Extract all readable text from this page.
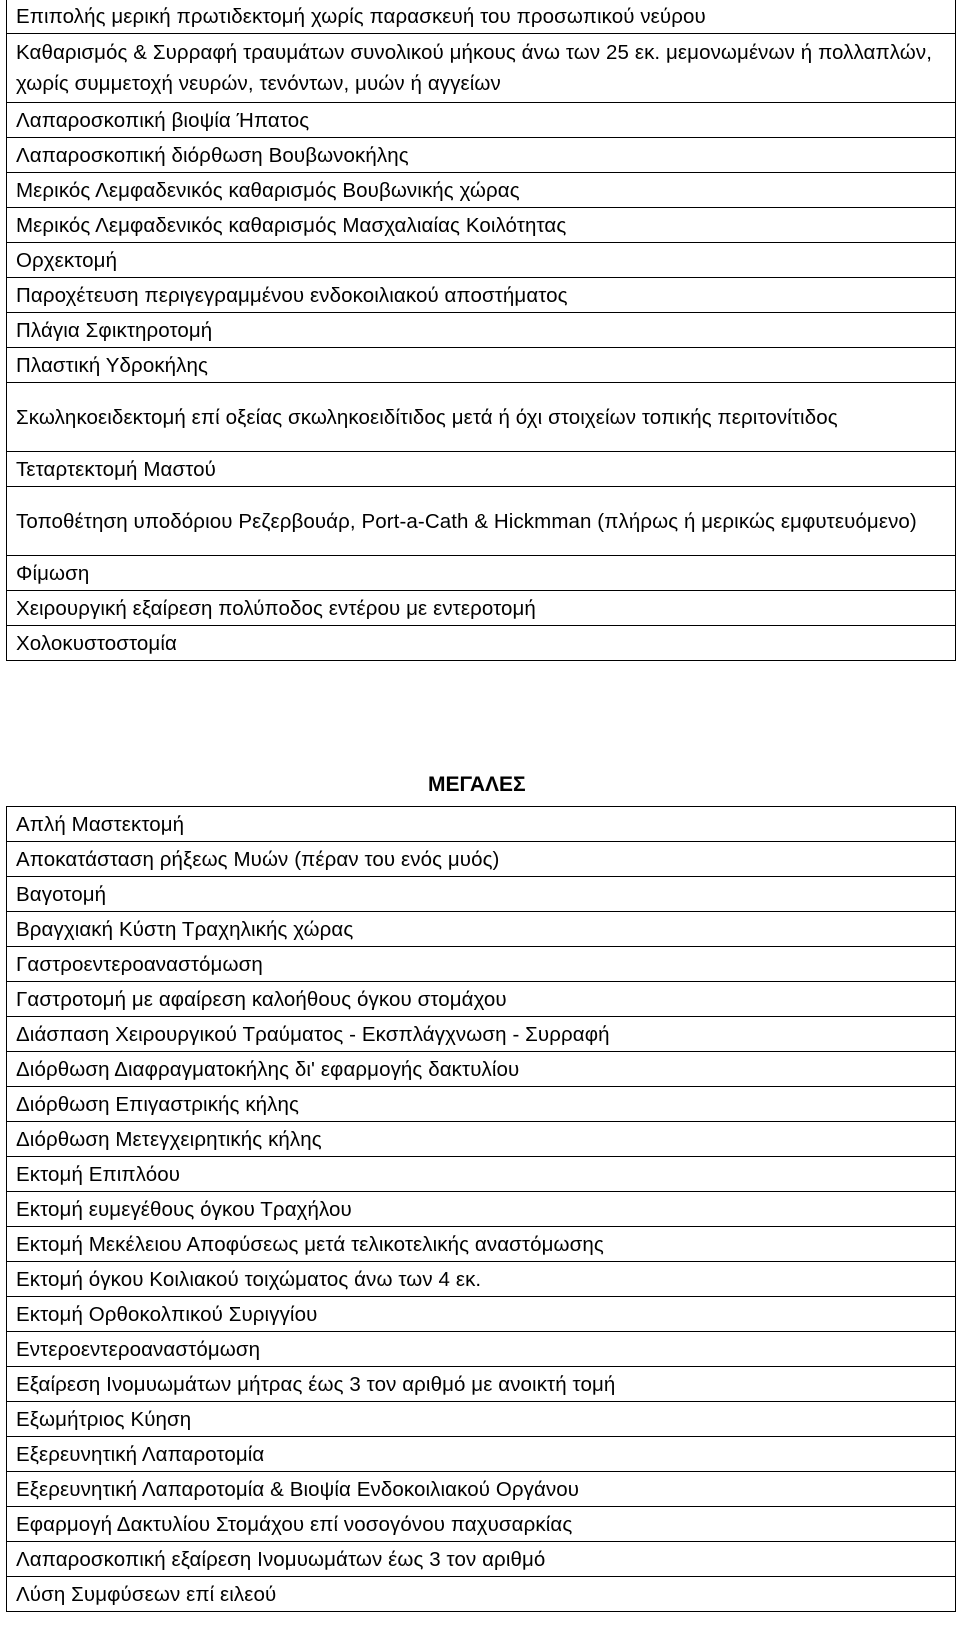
Επιπολής μερική πρωτιδεκτομή χωρίς παρασκευή του προσωπικού νεύρου
Καθαρισμός & Συρραφή τραυμάτων συνολικού μήκους άνω των 25 εκ. μεμονωμένων ή πολλαπλών, χωρίς συμμετοχή νευρών, τενόντων, μυών ή αγγείων
Λαπαροσκοπική βιοψία Ήπατος
Λαπαροσκοπική διόρθωση Βουβωνοκήλης
Μερικός Λεμφαδενικός καθαρισμός Βουβωνικής χώρας
Μερικός Λεμφαδενικός καθαρισμός Μασχαλιαίας Κοιλότητας
Ορχεκτομή
Παροχέτευση περιγεγραμμένου ενδοκοιλιακού αποστήματος
Πλάγια Σφικτηροτομή
Πλαστική Υδροκήλης
Σκωληκοειδεκτομή επί οξείας σκωληκοειδίτιδος μετά ή όχι στοιχείων τοπικής περιτονίτιδος
Τεταρτεκτομή Μαστού
Τοποθέτηση υποδόριου Ρεζερβουάρ, Port-a-Cath & Hickmman (πλήρως ή μερικώς εμφυτευόμενο)
Φίμωση
Χειρουργική εξαίρεση πολύποδος εντέρου με εντεροτομή
Χολοκυστοστομία
ΜΕΓΑΛΕΣ
Απλή Μαστεκτομή
Αποκατάσταση ρήξεως Μυών (πέραν του ενός μυός)
Βαγοτομή
Βραγχιακή Κύστη Τραχηλικής χώρας
Γαστροεντεροαναστόμωση
Γαστροτομή με αφαίρεση καλοήθους όγκου στομάχου
Διάσπαση Χειρουργικού Τραύματος - Εκσπλάγχνωση - Συρραφή
Διόρθωση Διαφραγματοκήλης δι' εφαρμογής δακτυλίου
Διόρθωση Επιγαστρικής κήλης
Διόρθωση Μετεγχειρητικής κήλης
Εκτομή Επιπλόου
Εκτομή ευμεγέθους όγκου Τραχήλου
Εκτομή Μεκέλειου Αποφύσεως μετά τελικοτελικής αναστόμωσης
Εκτομή όγκου Κοιλιακού τοιχώματος άνω των 4 εκ.
Εκτομή Ορθοκολπικού Συριγγίου
Εντεροεντεροαναστόμωση
Εξαίρεση Ινομυωμάτων μήτρας έως 3 τον αριθμό με ανοικτή τομή
Εξωμήτριος Κύηση
Εξερευνητική Λαπαροτομία
Εξερευνητική Λαπαροτομία & Βιοψία Ενδοκοιλιακού Οργάνου
Εφαρμογή Δακτυλίου Στομάχου επί νοσογόνου παχυσαρκίας
Λαπαροσκοπική εξαίρεση Ινομυωμάτων έως 3 τον αριθμό
Λύση Συμφύσεων επί ειλεού
